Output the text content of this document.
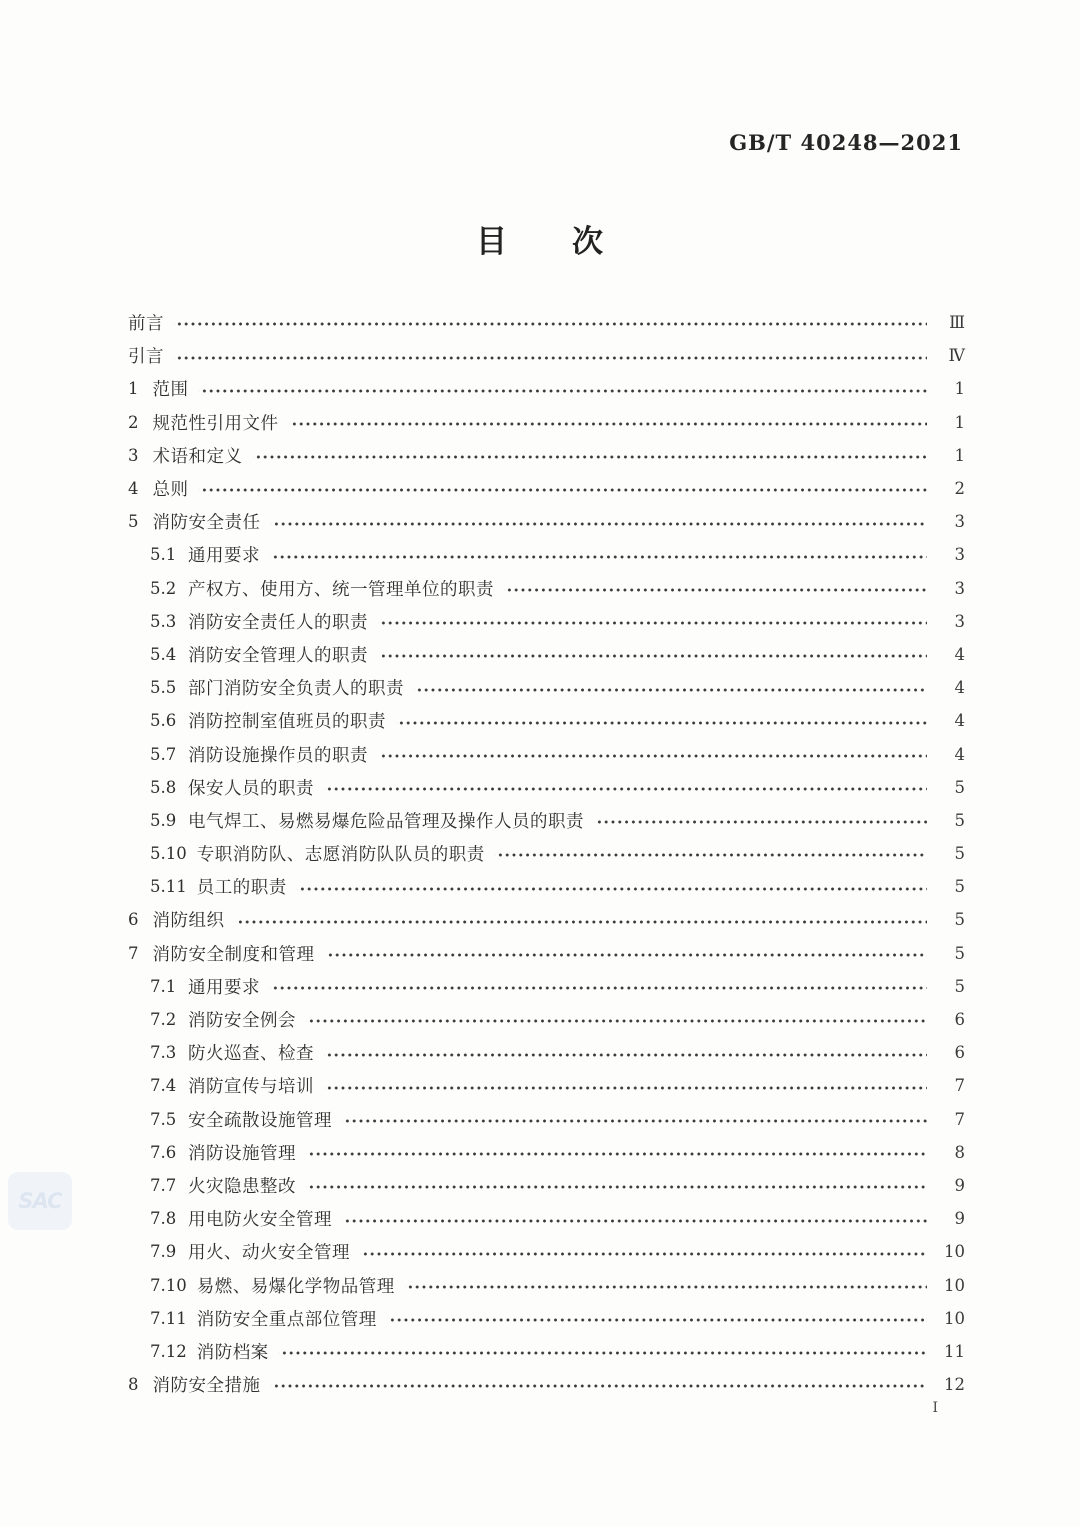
GB/T 40248—2021
目　　次
前言	Ⅲ
引言	Ⅳ
1 范围	1
2 规范性引用文件	1
3 术语和定义	1
4 总则	2
5 消防安全责任	3
5.1 通用要求	3
5.2 产权方、使用方、统一管理单位的职责	3
5.3 消防安全责任人的职责	3
5.4 消防安全管理人的职责	4
5.5 部门消防安全负责人的职责	4
5.6 消防控制室值班员的职责	4
5.7 消防设施操作员的职责	4
5.8 保安人员的职责	5
5.9 电气焊工、易燃易爆危险品管理及操作人员的职责	5
5.10 专职消防队、志愿消防队队员的职责	5
5.11 员工的职责	5
6 消防组织	5
7 消防安全制度和管理	5
7.1 通用要求	5
7.2 消防安全例会	6
7.3 防火巡查、检查	6
7.4 消防宣传与培训	7
7.5 安全疏散设施管理	7
7.6 消防设施管理	8
7.7 火灾隐患整改	9
7.8 用电防火安全管理	9
7.9 用火、动火安全管理	10
7.10 易燃、易爆化学物品管理	10
7.11 消防安全重点部位管理	10
7.12 消防档案	11
8 消防安全措施	12
SAC
Ⅰ
